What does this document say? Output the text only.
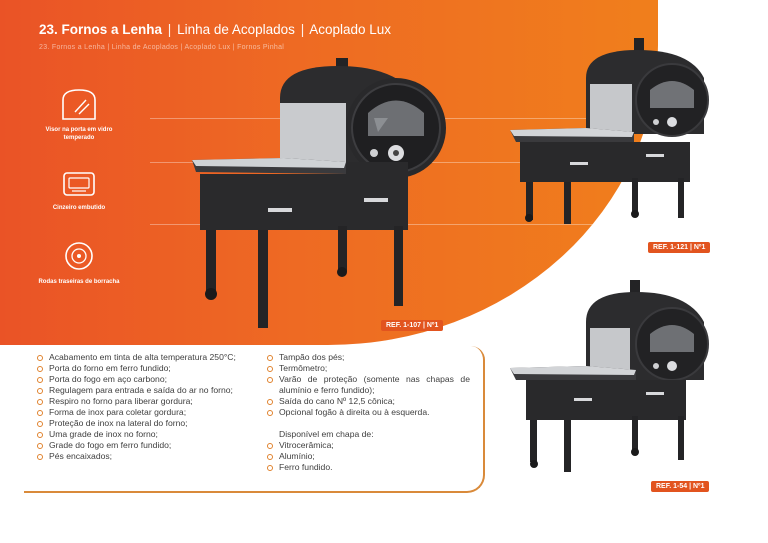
23. Fornos a Lenha | Linha de Acoplados | Acoplado Lux
23. Fornos a Lenha | Linha de Acoplados | Acoplado Lux | Fornos Pinhal
Visor na porta em vidro temperado
Cinzeiro embutido
Rodas traseiras de borracha
REF. 1-107 | Nº1
REF. 1-121 | Nº1
REF. 1-54 | Nº1
Acabamento em tinta de alta temperatura 250°C;
Porta do forno em ferro fundido;
Porta do fogo em aço carbono;
Regulagem para entrada e saída do ar no forno;
Respiro no forno para liberar gordura;
Forma de inox para coletar gordura;
Proteção de inox na lateral do forno;
Uma grade de inox no forno;
Grade do fogo em ferro fundido;
Pés encaixados;
Tampão dos pés;
Termômetro;
Varão de proteção (somente nas chapas de alumínio e ferro fundido);
Saída do cano Nº 12,5 cônica;
Opcional fogão à direita ou à esquerda.
Disponível em chapa de:
Vitrocerâmica;
Alumínio;
Ferro fundido.
